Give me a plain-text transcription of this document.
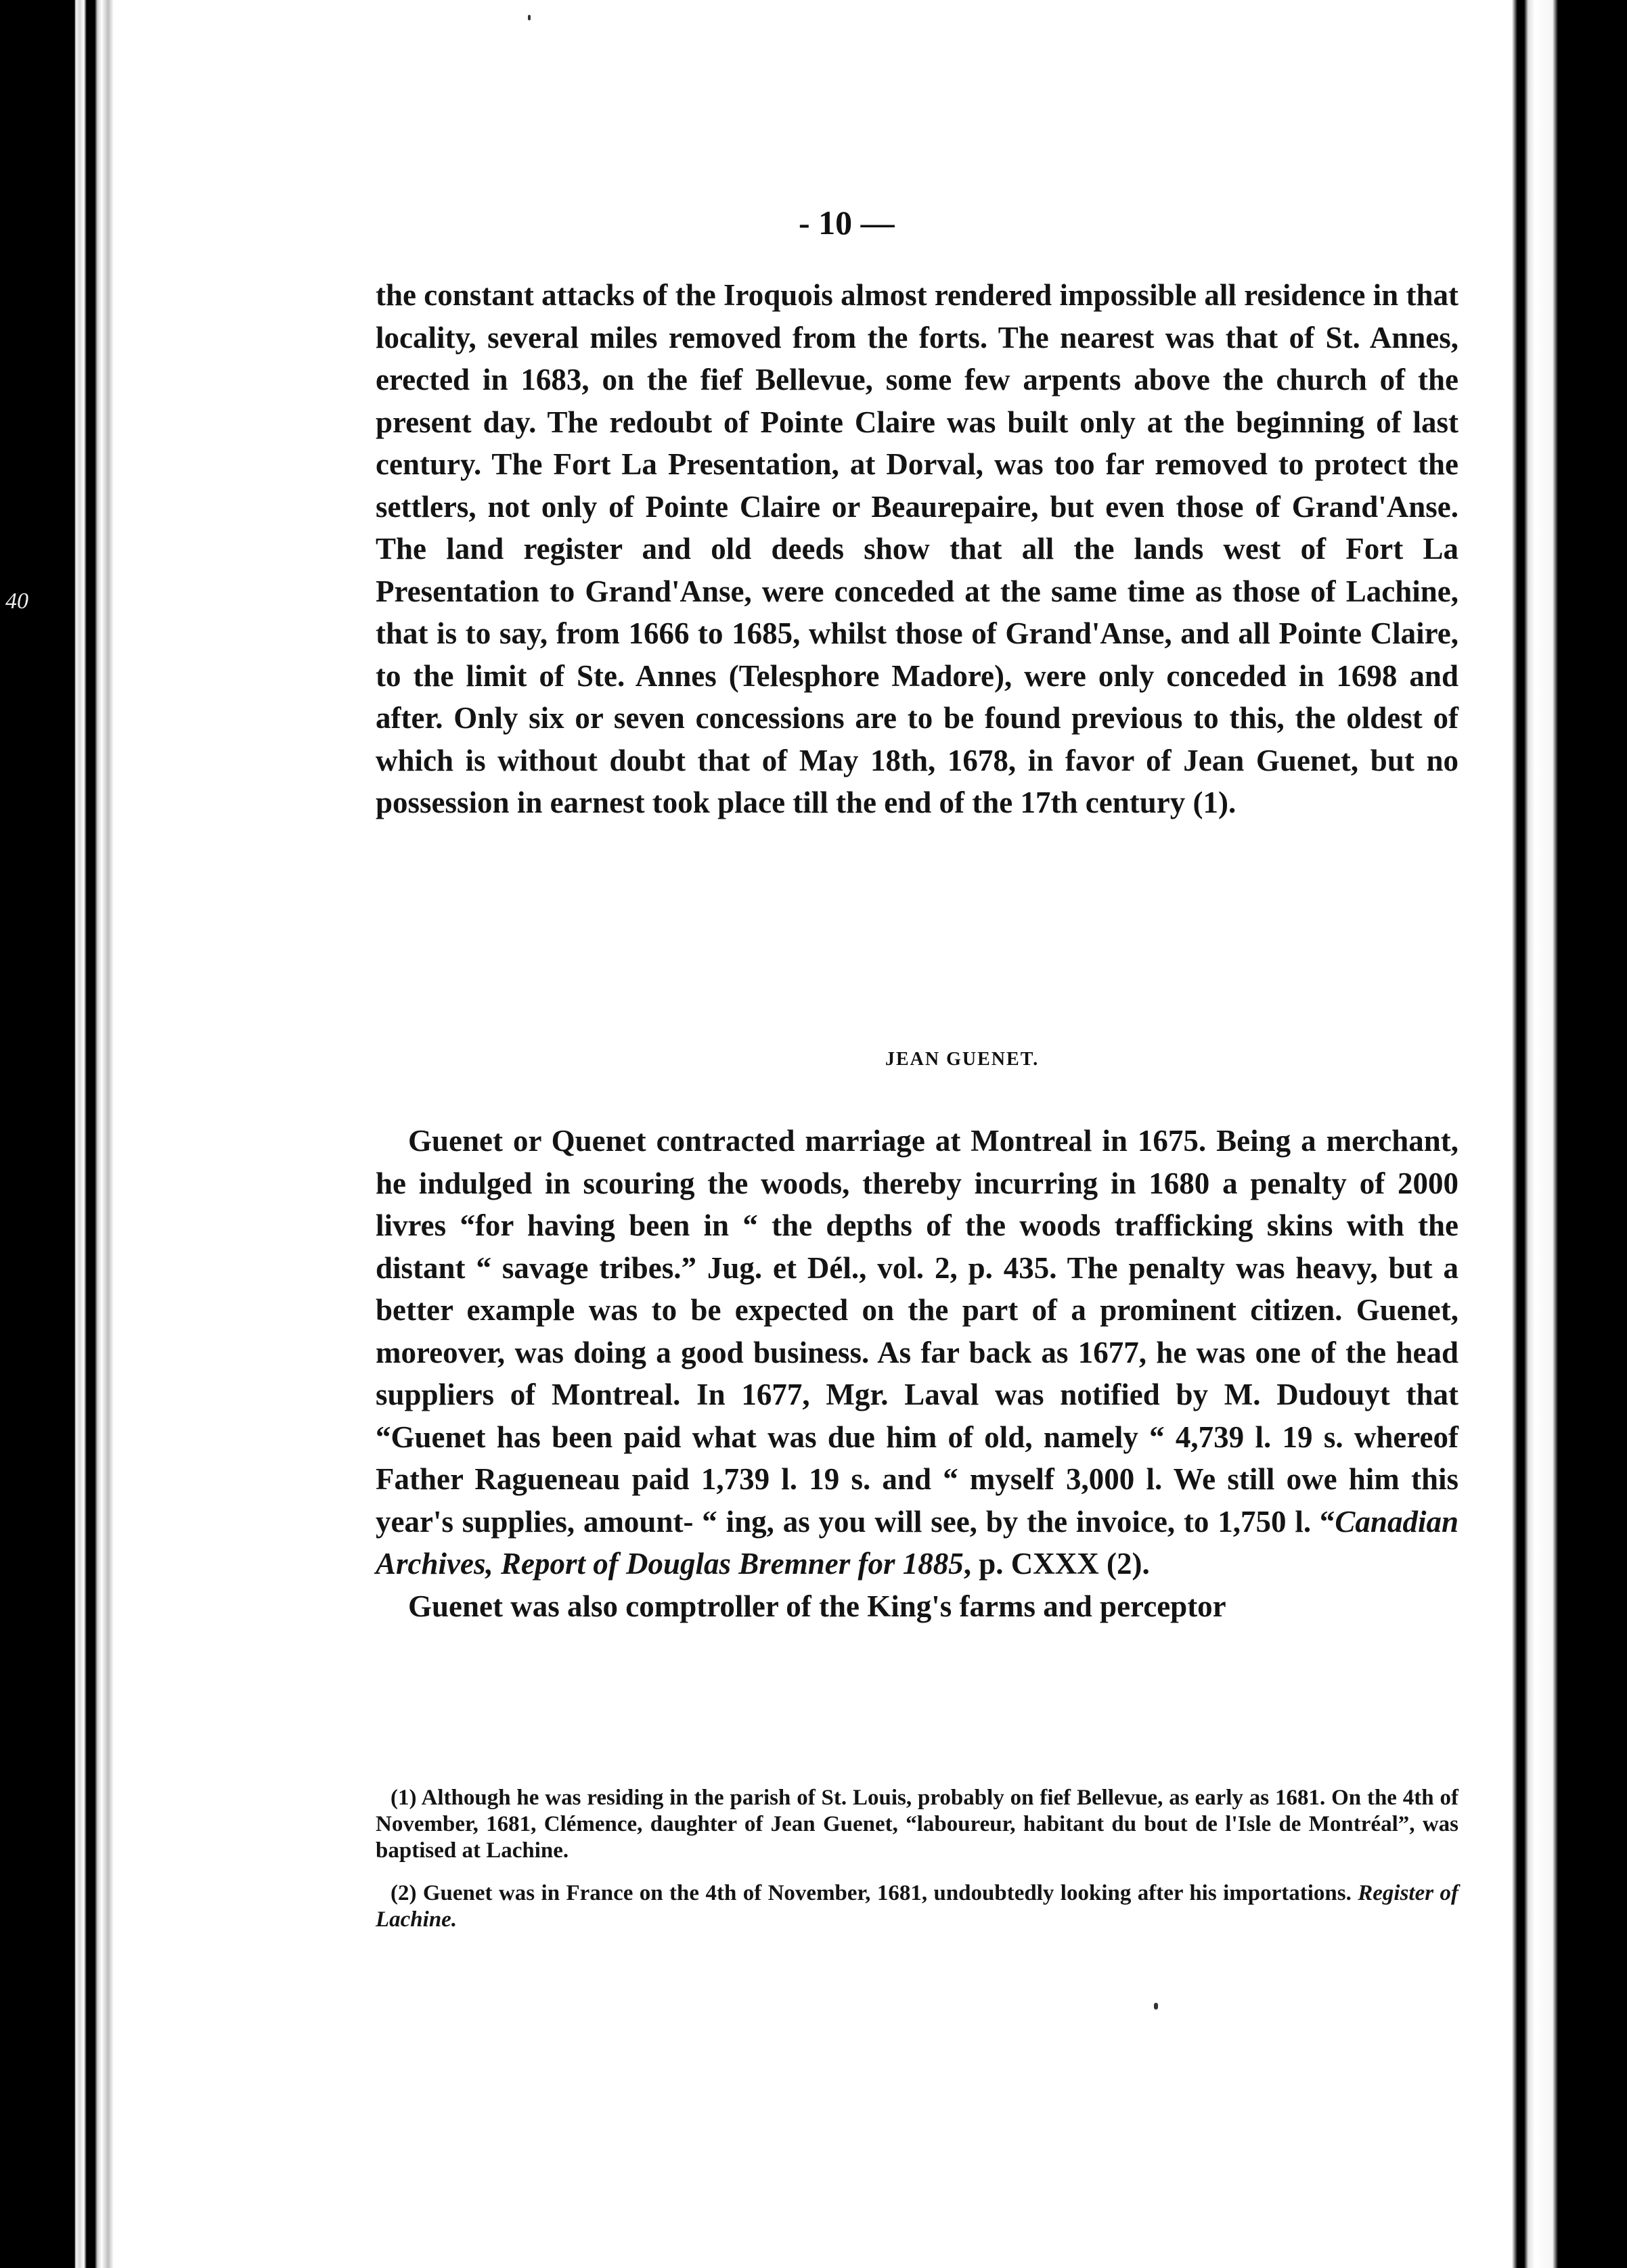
40
- 10 —

the constant attacks of the Iroquois almost rendered impossible all residence in that locality, several miles removed from the forts. The nearest was that of St. Annes, erected in 1683, on the fief Bellevue, some few arpents above the church of the present day. The redoubt of Pointe Claire was built only at the beginning of last century. The Fort La Presentation, at Dorval, was too far removed to protect the settlers, not only of Pointe Claire or Beaurepaire, but even those of Grand'Anse. The land register and old deeds show that all the lands west of Fort La Presentation to Grand'Anse, were conceded at the same time as those of Lachine, that is to say, from 1666 to 1685, whilst those of Grand'Anse, and all Pointe Claire, to the limit of Ste. Annes (Telesphore Madore), were only conceded in 1698 and after. Only six or seven concessions are to be found previous to this, the oldest of which is without doubt that of May 18th, 1678, in favor of Jean Guenet, but no possession in earnest took place till the end of the 17th century (1).

JEAN GUENET.

Guenet or Quenet contracted marriage at Montreal in 1675. Being a merchant, he indulged in scouring the woods, thereby incurring in 1680 a penalty of 2000 livres “for having been in “ the depths of the woods trafficking skins with the distant “ savage tribes.” Jug. et Dél., vol. 2, p. 435. The penalty was heavy, but a better example was to be expected on the part of a prominent citizen. Guenet, moreover, was doing a good business. As far back as 1677, he was one of the head suppliers of Montreal. In 1677, Mgr. Laval was notified by M. Dudouyt that “Guenet has been paid what was due him of old, namely “ 4,739 l. 19 s. whereof Father Ragueneau paid 1,739 l. 19 s. and “ myself 3,000 l. We still owe him this year's supplies, amount- “ ing, as you will see, by the invoice, to 1,750 l. “Canadian Archives, Report of Douglas Bremner for 1885, p. CXXX (2).

Guenet was also comptroller of the King's farms and perceptor

(1) Although he was residing in the parish of St. Louis, probably on fief Bellevue, as early as 1681. On the 4th of November, 1681, Clémence, daughter of Jean Guenet, “laboureur, habitant du bout de l'Isle de Montréal”, was baptised at Lachine.

(2) Guenet was in France on the 4th of November, 1681, undoubtedly looking after his importations. Register of Lachine.
